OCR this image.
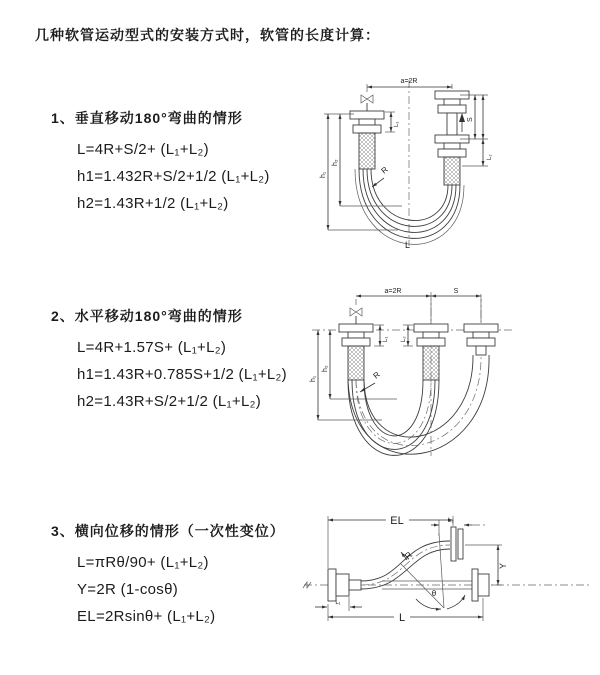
几种软管运动型式的安装方式时，软管的长度计算：
1、垂直移动180°弯曲的情形
L=4R+S/2+ (L₁+L₂)
h1=1.432R+S/2+1/2 (L₁+L₂)
h2=1.43R+1/2 (L₁+L₂)
2、水平移动180°弯曲的情形
L=4R+1.57S+ (L₁+L₂)
h1=1.43R+0.785S+1/2 (L₁+L₂)
h2=1.43R+S/2+1/2 (L₁+L₂)
3、横向位移的情形（一次性变位）
L=πRθ/90+ (L₁+L₂)
Y=2R (1-cosθ)
EL=2Rsinθ+ (L₁+L₂)
a=2R
L₁
S
L₂
R
L
h₁
h₂
a=2R	S
L₁ L₂
h₁
h₂
R
EL	L₂
Y
R
θ
L
L₁
